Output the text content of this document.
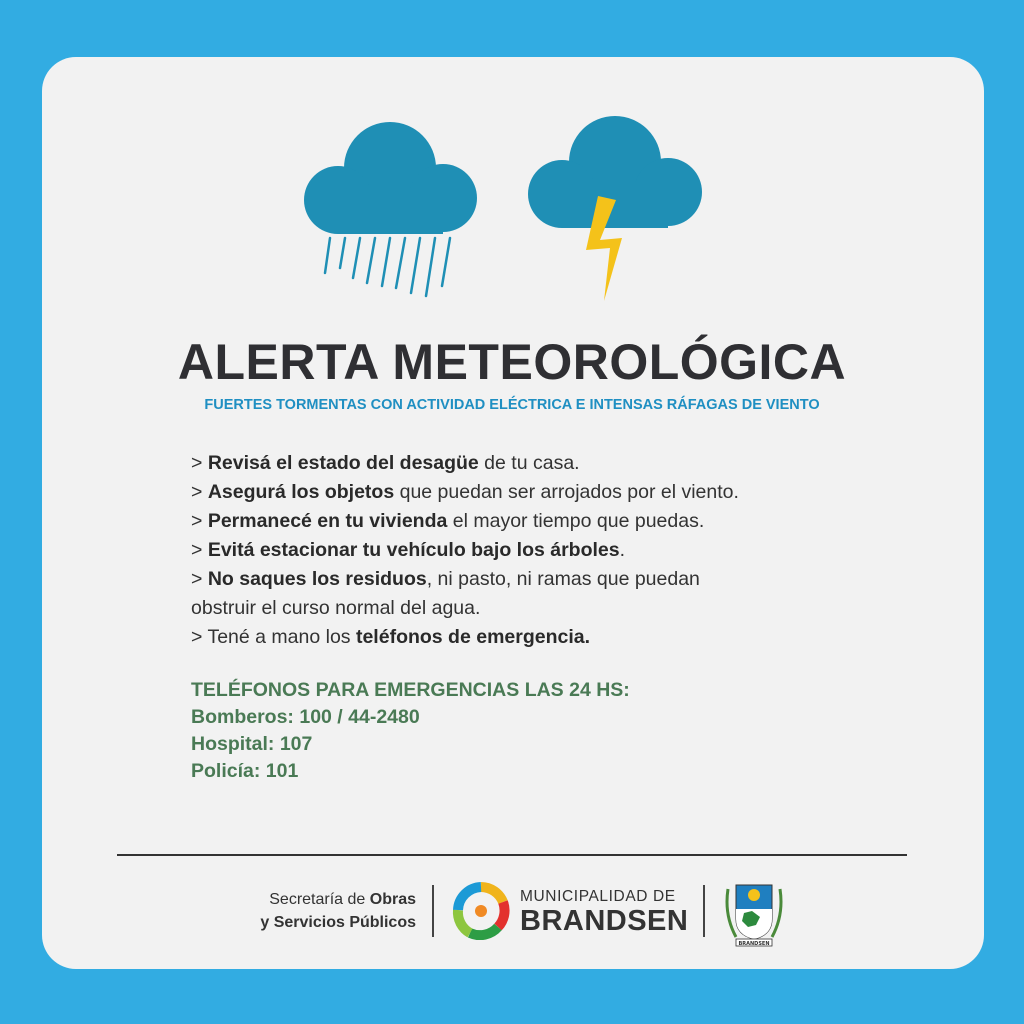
ALERTA METEOROLÓGICA
FUERTES TORMENTAS CON ACTIVIDAD ELÉCTRICA E INTENSAS RÁFAGAS DE VIENTO
> Revisá el estado del desagüe de tu casa.
> Asegurá los objetos que puedan ser arrojados por el viento.
> Permanecé en tu vivienda el mayor tiempo que puedas.
> Evitá estacionar tu vehículo bajo los árboles.
> No saques los residuos, ni pasto, ni ramas que puedan
obstruir el curso normal del agua.
> Tené a mano los teléfonos de emergencia.
TELÉFONOS PARA EMERGENCIAS LAS 24 HS:
Bomberos: 100 / 44-2480
Hospital: 107
Policía: 101
Secretaría de Obras
y Servicios Públicos
MUNICIPALIDAD DE
BRANDSEN
BRANDSEN
